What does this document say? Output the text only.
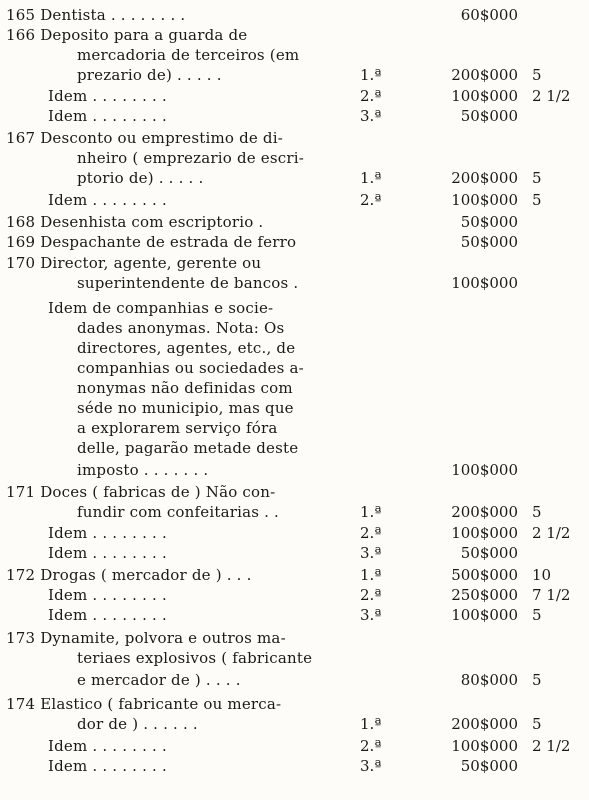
165 Dentista . . . . . . . .	60$000
166 Deposito para a guarda de
mercadoria de terceiros (em
prezario de) . . . . .	1.ª	200$000 5
Idem . . . . . . . .	2.ª	100$000 2 1/2
Idem . . . . . . . .	3.ª	50$000
167 Desconto ou emprestimo de di-
nheiro ( emprezario de escri-
ptorio de) . . . . .	1.ª	200$000 5
Idem . . . . . . . .	2.ª	100$000 5
168 Desenhista com escriptorio .	50$000
169 Despachante de estrada de ferro	50$000
170 Director, agente, gerente ou
superintendente de bancos .	100$000
Idem de companhias e socie-
dades anonymas. Nota: Os
directores, agentes, etc., de
companhias ou sociedades a-
nonymas não definidas com
séde no municipio, mas que
a explorarem serviço fóra
delle, pagarão metade deste
imposto . . . . . . .	100$000
171 Doces ( fabricas de ) Não con-
fundir com confeitarias . .	1.ª	200$000 5
Idem . . . . . . . .	2.ª	100$000 2 1/2
Idem . . . . . . . .	3.ª	50$000
172 Drogas ( mercador de ) . . .	1.ª	500$000 10
Idem . . . . . . . .	2.ª	250$000 7 1/2
Idem . . . . . . . .	3.ª	100$000 5
173 Dynamite, polvora e outros ma-
teriaes explosivos ( fabricante
e mercador de ) . . . .	80$000 5
174 Elastico ( fabricante ou merca-
dor de ) . . . . . .	1.ª	200$000 5
Idem . . . . . . . .	2.ª	100$000 2 1/2
Idem . . . . . . . .	3.ª	50$000
